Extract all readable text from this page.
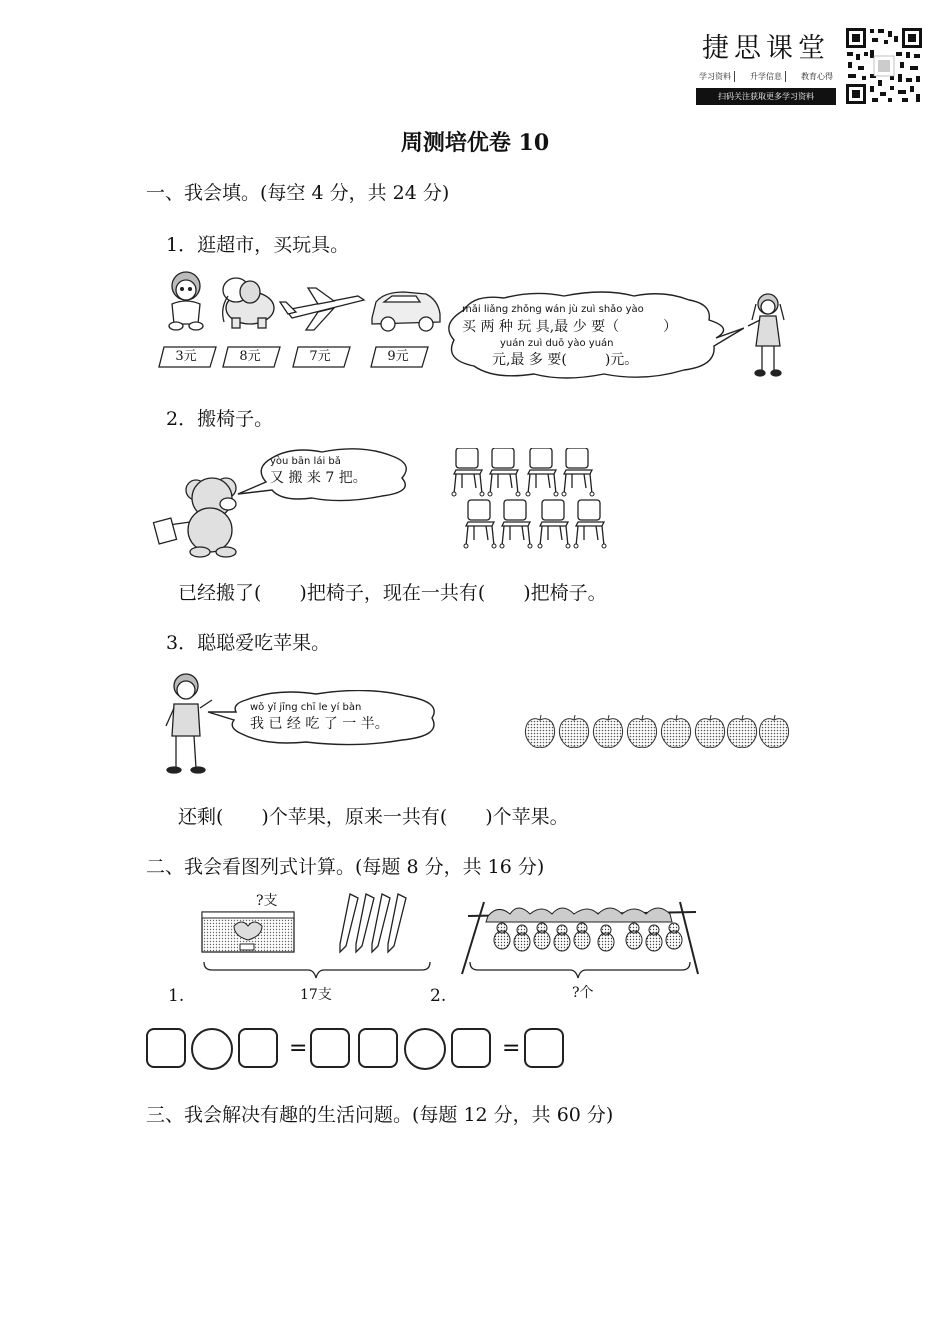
捷思课堂
学习资料	升学信息	教育心得
扫码关注获取更多学习资料
周测培优卷 10
一、我会填。(每空 4 分，共 24 分)
1．逛超市，买玩具。
3元	8元	7元	9元
mǎi liǎng zhǒng wán jù zuì shǎo yào
买 两 种 玩 具,最 少 要（	）
yuán zuì duō yào yuán
元,最 多 要(	)元。
2．搬椅子。
yòu bān lái bǎ
又 搬 来 7 把。
已经搬了(　　)把椅子，现在一共有(　　)把椅子。
3．聪聪爱吃苹果。
wǒ yǐ jīng chī le yí bàn
我 已 经 吃 了 一 半。
还剩(　　)个苹果，原来一共有(　　)个苹果。
二、我会看图列式计算。(每题 8 分，共 16 分)
?支
1.	17支	2.	?个
=	=
三、我会解决有趣的生活问题。(每题 12 分，共 60 分)
